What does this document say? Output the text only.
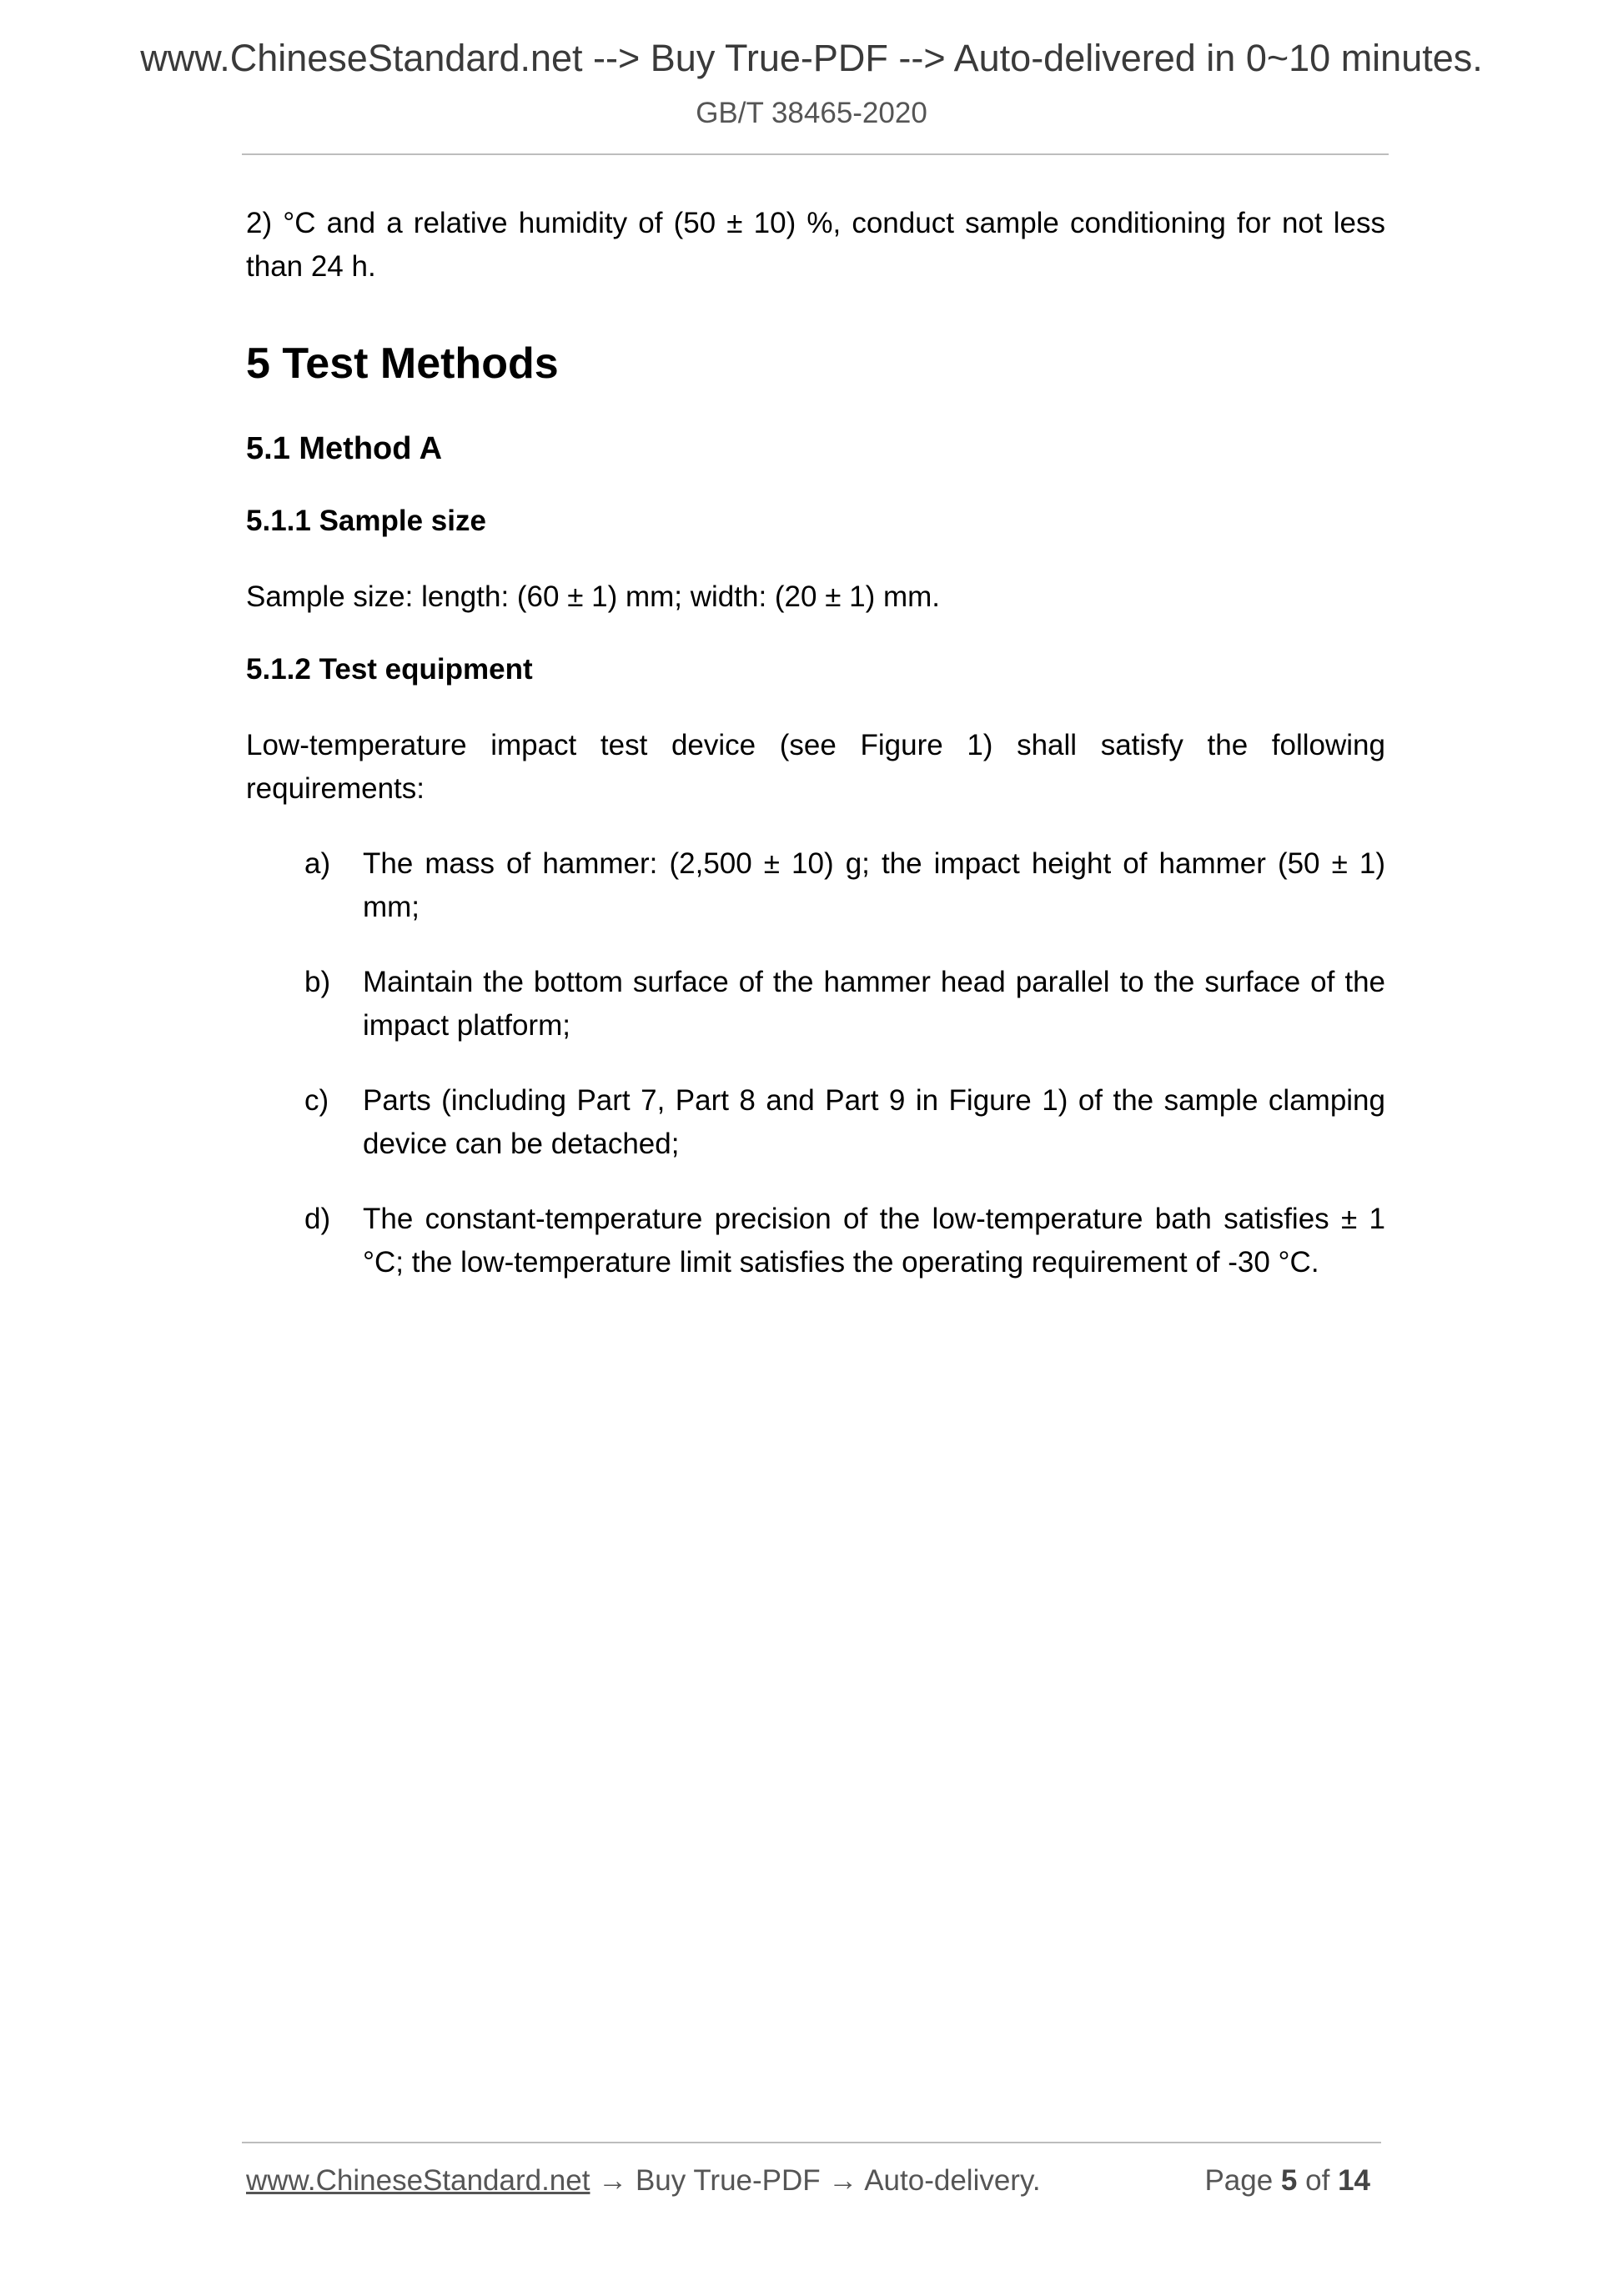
www.ChineseStandard.net --> Buy True-PDF --> Auto-delivered in 0~10 minutes.
GB/T 38465-2020

2) °C and a relative humidity of (50 ± 10) %, conduct sample conditioning for not less than 24 h.

5 Test Methods
5.1 Method A
5.1.1 Sample size

Sample size: length: (60 ± 1) mm; width: (20 ± 1) mm.

5.1.2 Test equipment

Low-temperature impact test device (see Figure 1) shall satisfy the following requirements:

a) The mass of hammer: (2,500 ± 10) g; the impact height of hammer (50 ± 1) mm;
b) Maintain the bottom surface of the hammer head parallel to the surface of the impact platform;
c) Parts (including Part 7, Part 8 and Part 9 in Figure 1) of the sample clamping device can be detached;
d) The constant-temperature precision of the low-temperature bath satisfies ± 1 °C; the low-temperature limit satisfies the operating requirement of -30 °C.
www.ChineseStandard.net → Buy True-PDF → Auto-delivery.	Page 5 of 14
